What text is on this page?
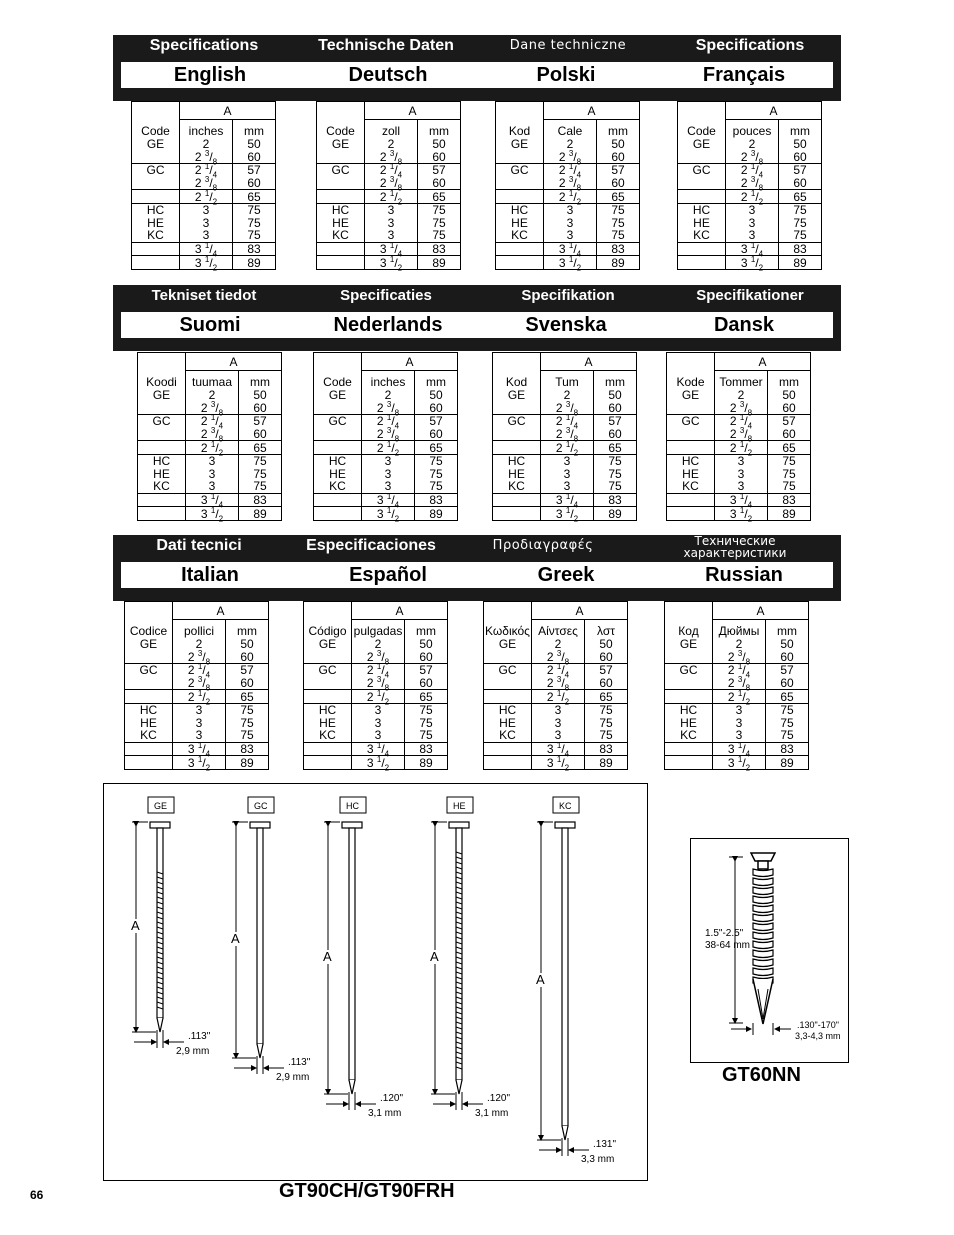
Specifications	Technische Daten	Dane techniczne	Specifications
English	Deutsch	Polski	Français
Tekniset tiedot	Specificaties	Specifikation	Specifikationer
Suomi	Nederlands	Svenska	Dansk
Dati tecnici	Especificaciones	Προδιαγραφές	Технические характеристики
Italian	Español	Greek	Russian
	A	
Code	inches	mm
GE	2	50
	2 $^3/_8$	60
GC	2 $^1/_4$	57
	2 $^3/_8$	60
	2 $^1/_2$	65
HC	3	75
HE	3	75
KC	3	75
	3 $^1/_4$	83
	3 $^1/_2$	89
	A	
Code	zoll	mm
GE	2	50
	2 $^3/_8$	60
GC	2 $^1/_4$	57
	2 $^3/_8$	60
	2 $^1/_2$	65
HC	3	75
HE	3	75
KC	3	75
	3 $^1/_4$	83
	3 $^1/_2$	89
	A	
Kod	Cale	mm
GE	2	50
	2 $^3/_8$	60
GC	2 $^1/_4$	57
	2 $^3/_8$	60
	2 $^1/_2$	65
HC	3	75
HE	3	75
KC	3	75
	3 $^1/_4$	83
	3 $^1/_2$	89
	A	
Code	pouces	mm
GE	2	50
	2 $^3/_8$	60
GC	2 $^1/_4$	57
	2 $^3/_8$	60
	2 $^1/_2$	65
HC	3	75
HE	3	75
KC	3	75
	3 $^1/_4$	83
	3 $^1/_2$	89
	A	
Koodi	tuumaa	mm
GE	2	50
	2 $^3/_8$	60
GC	2 $^1/_4$	57
	2 $^3/_8$	60
	2 $^1/_2$	65
HC	3	75
HE	3	75
KC	3	75
	3 $^1/_4$	83
	3 $^1/_2$	89
	A	
Code	inches	mm
GE	2	50
	2 $^3/_8$	60
GC	2 $^1/_4$	57
	2 $^3/_8$	60
	2 $^1/_2$	65
HC	3	75
HE	3	75
KC	3	75
	3 $^1/_4$	83
	3 $^1/_2$	89
	A	
Kod	Tum	mm
GE	2	50
	2 $^3/_8$	60
GC	2 $^1/_4$	57
	2 $^3/_8$	60
	2 $^1/_2$	65
HC	3	75
HE	3	75
KC	3	75
	3 $^1/_4$	83
	3 $^1/_2$	89
	A	
Kode	Tommer	mm
GE	2	50
	2 $^3/_8$	60
GC	2 $^1/_4$	57
	2 $^3/_8$	60
	2 $^1/_2$	65
HC	3	75
HE	3	75
KC	3	75
	3 $^1/_4$	83
	3 $^1/_2$	89
	A	
Codice	pollici	mm
GE	2	50
	2 $^3/_8$	60
GC	2 $^1/_4$	57
	2 $^3/_8$	60
	2 $^1/_2$	65
HC	3	75
HE	3	75
KC	3	75
	3 $^1/_4$	83
	3 $^1/_2$	89
	A	
Código	pulgadas	mm
GE	2	50
	2 $^3/_8$	60
GC	2 $^1/_4$	57
	2 $^3/_8$	60
	2 $^1/_2$	65
HC	3	75
HE	3	75
KC	3	75
	3 $^1/_4$	83
	3 $^1/_2$	89
	A	
Κωδικός	Αίντσες	λστ
GE	2	50
	2 $^3/_8$	60
GC	2 $^1/_4$	57
	2 $^3/_8$	60
	2 $^1/_2$	65
HC	3	75
HE	3	75
KC	3	75
	3 $^1/_4$	83
	3 $^1/_2$	89
	A	
Код	Дюймы	mm
GE	2	50
	2 $^3/_8$	60
GC	2 $^1/_4$	57
	2 $^3/_8$	60
	2 $^1/_2$	65
HC	3	75
HE	3	75
KC	3	75
	3 $^1/_4$	83
	3 $^1/_2$	89
GE
A
.113"
2,9 mm
GC
A
.113"
2,9 mm
HC
A
.120"
3,1 mm
HE
A
.120"
3,1 mm
KC
A
.131"
3,3 mm
1.5"-2.5"
38-64 mm
.130"-170"
3,3-4,3 mm
GT60NN
GT90CH/GT90FRH
66
